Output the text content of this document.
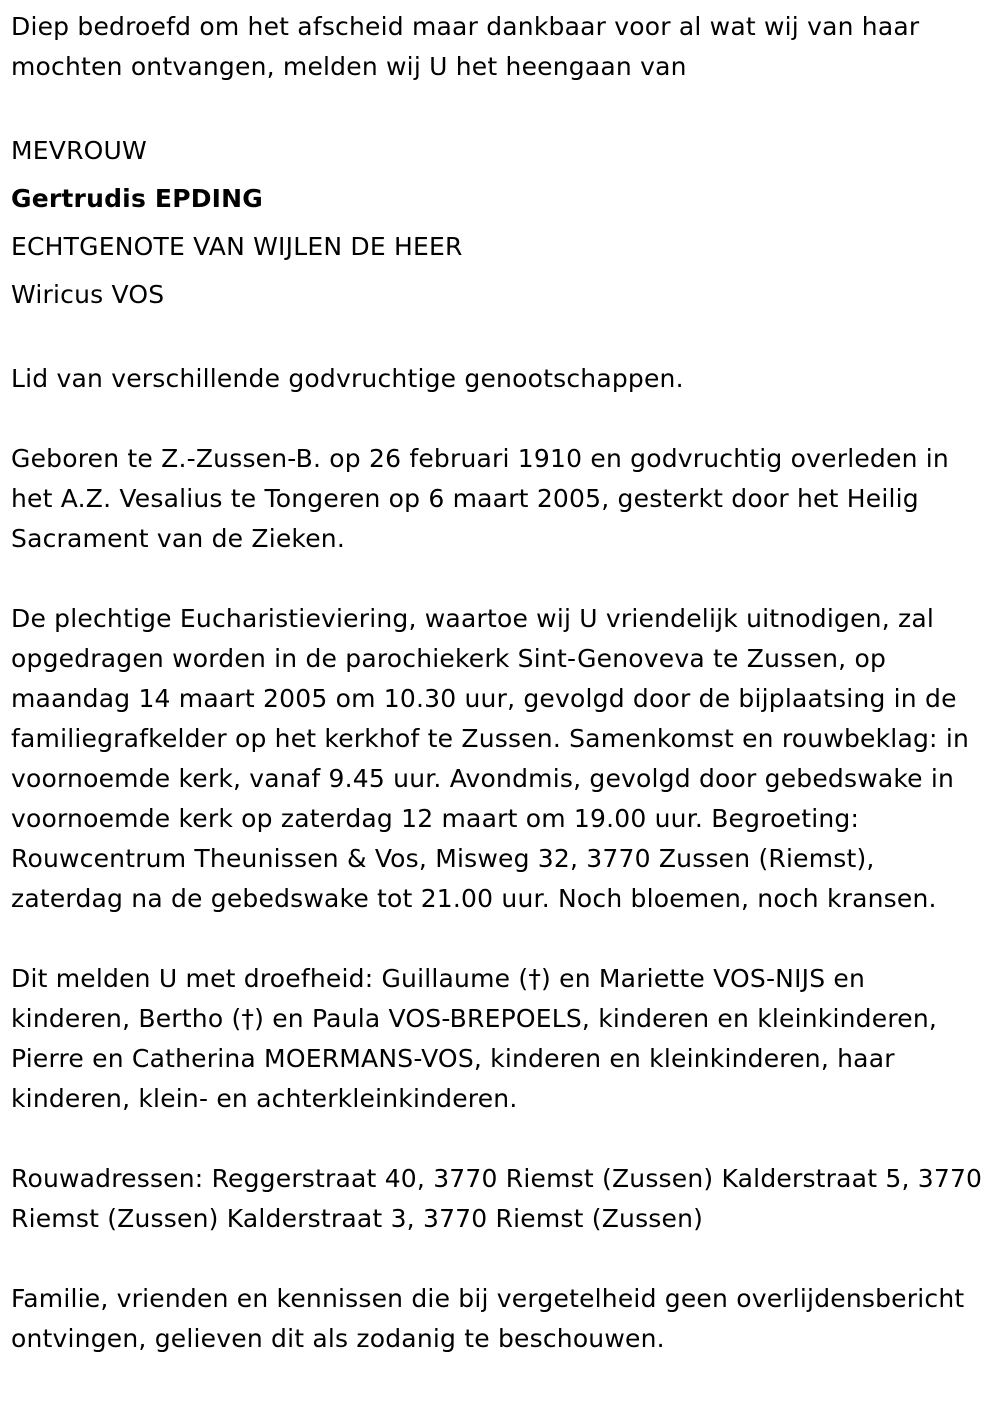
Diep bedroefd om het afscheid maar dankbaar voor al wat wij van haar mochten ontvangen, melden wij U het heengaan van

MEVROUW

Gertrudis EPDING

ECHTGENOTE VAN WIJLEN DE HEER

Wiricus VOS

Lid van verschillende godvruchtige genootschappen.

Geboren te Z.-Zussen-B. op 26 februari 1910 en godvruchtig overleden in het A.Z. Vesalius te Tongeren op 6 maart 2005, gesterkt door het Heilig Sacrament van de Zieken.

De plechtige Eucharistieviering, waartoe wij U vriendelijk uitnodigen, zal opgedragen worden in de parochiekerk Sint-Genoveva te Zussen, op maandag 14 maart 2005 om 10.30 uur, gevolgd door de bijplaatsing in de familiegrafkelder op het kerkhof te Zussen. Samenkomst en rouwbeklag: in voornoemde kerk, vanaf 9.45 uur. Avondmis, gevolgd door gebedswake in voornoemde kerk op zaterdag 12 maart om 19.00 uur. Begroeting: Rouwcentrum Theunissen & Vos, Misweg 32, 3770 Zussen (Riemst), zaterdag na de gebedswake tot 21.00 uur. Noch bloemen, noch kransen.

Dit melden U met droefheid: Guillaume (†) en Mariette VOS-NIJS en kinderen, Bertho (†) en Paula VOS-BREPOELS, kinderen en kleinkinderen, Pierre en Catherina MOERMANS-VOS, kinderen en kleinkinderen, haar kinderen, klein- en achterkleinkinderen.

Rouwadressen: Reggerstraat 40, 3770 Riemst (Zussen) Kalderstraat 5, 3770 Riemst (Zussen) Kalderstraat 3, 3770 Riemst (Zussen)

Familie, vrienden en kennissen die bij vergetelheid geen overlijdensbericht ontvingen, gelieven dit als zodanig te beschouwen.
